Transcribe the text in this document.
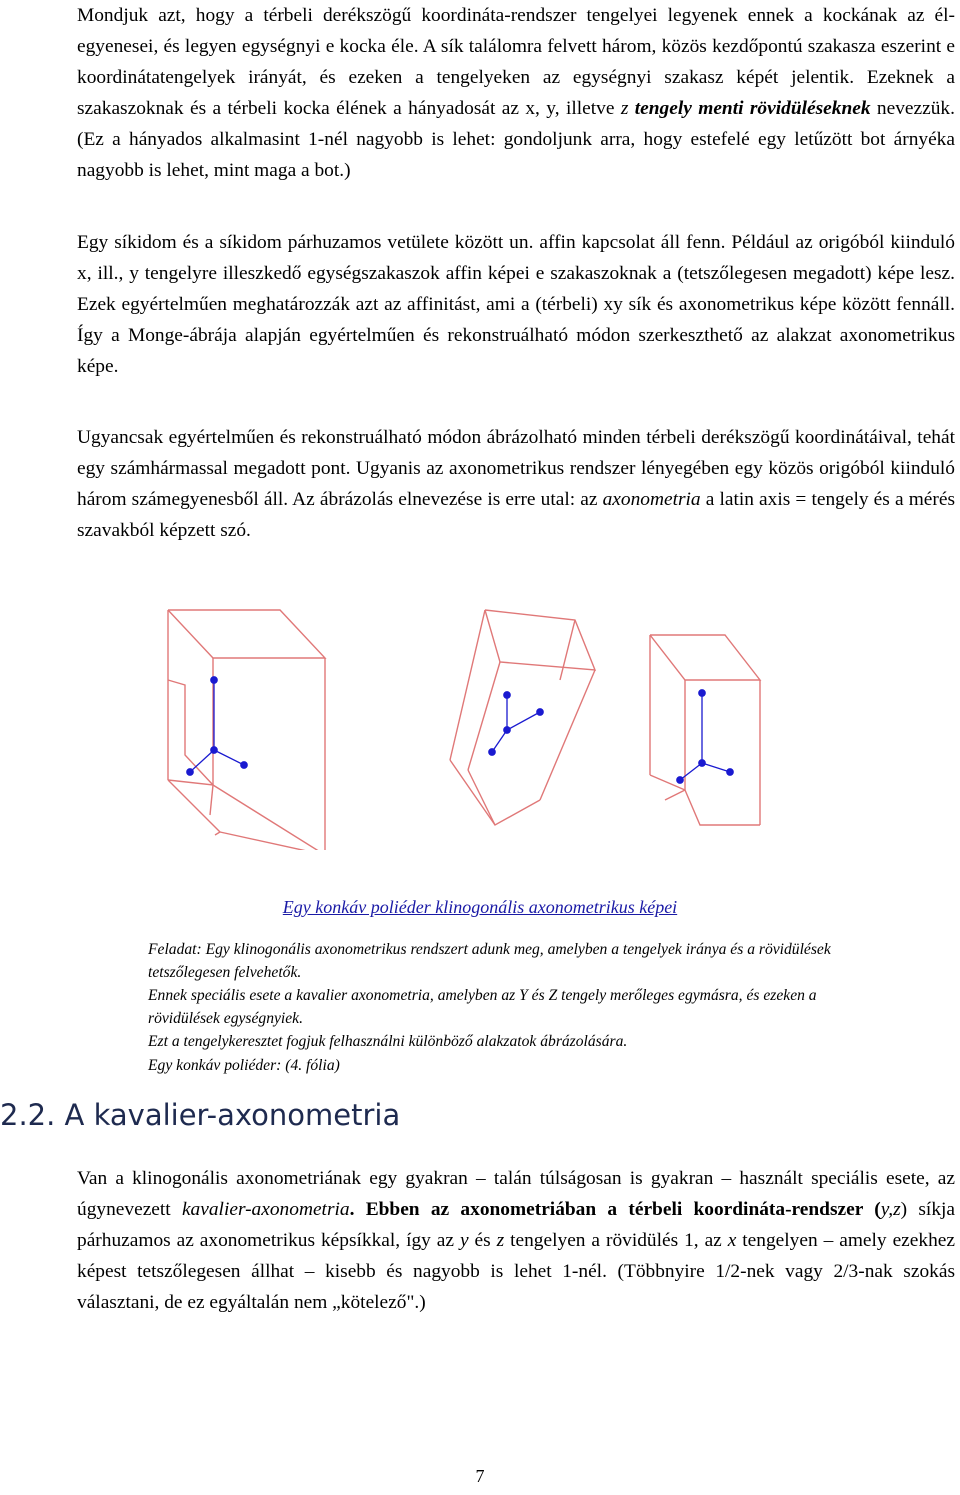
Mondjuk azt, hogy a térbeli derékszögű koordináta-rendszer tengelyei legyenek ennek a kockának az él-egyenesei, és legyen egységnyi e kocka éle. A sík találomra felvett három, közös kezdőpontú szakasza eszerint e koordinátatengelyek irányát, és ezeken a tengelyeken az egységnyi szakasz képét jelentik. Ezeknek a szakaszoknak és a térbeli kocka élének a hányadosát az x, y, illetve z tengely menti rövidüléseknek nevezzük. (Ez a hányados alkalmasint 1-nél nagyobb is lehet: gondoljunk arra, hogy estefelé egy letűzött bot árnyéka nagyobb is lehet, mint maga a bot.)

Egy síkidom és a síkidom párhuzamos vetülete között un. affin kapcsolat áll fenn. Például az origóból kiinduló x, ill., y tengelyre illeszkedő egységszakaszok affin képei e szakaszoknak a (tetszőlegesen megadott) képe lesz. Ezek egyértelműen meghatározzák azt az affinitást, ami a (térbeli) xy sík és axonometrikus képe között fennáll. Így a Monge-ábrája alapján egyértelműen és rekonstruálható módon szerkeszthető az alakzat axonometrikus képe.

Ugyancsak egyértelműen és rekonstruálható módon ábrázolható minden térbeli derékszögű koordinátáival, tehát egy számhármassal megadott pont. Ugyanis az axonometrikus rendszer lényegében egy közös origóból kiinduló három számegyenesből áll. Az ábrázolás elnevezése is erre utal: az axonometria a latin axis = tengely és a mérés szavakból képzett szó.

Egy konkáv poliéder klinogonális axonometrikus képei

Feladat: Egy klinogonális axonometrikus rendszert adunk meg, amelyben a tengelyek iránya és a rövidülések tetszőlegesen felvehetők.

Ennek speciális esete a kavalier axonometria, amelyben az Y és Z tengely merőleges egymásra, és ezeken a rövidülések egységnyiek.

Ezt a tengelykeresztet fogjuk felhasználni különböző alakzatok ábrázolására.

Egy konkáv poliéder: (4. fólia)

2.2. A kavalier-axonometria

Van a klinogonális axonometriának egy gyakran – talán túlságosan is gyakran – használt speciális esete, az úgynevezett kavalier-axonometria. Ebben az axonometriában a térbeli koordináta-rendszer (y,z) síkja párhuzamos az axonometrikus képsíkkal, így az y és z tengelyen a rövidülés 1, az x tengelyen – amely ezekhez képest tetszőlegesen állhat – kisebb és nagyobb is lehet 1-nél. (Többnyire 1/2-nek vagy 2/3-nak szokás választani, de ez egyáltalán nem „kötelező".)

7
